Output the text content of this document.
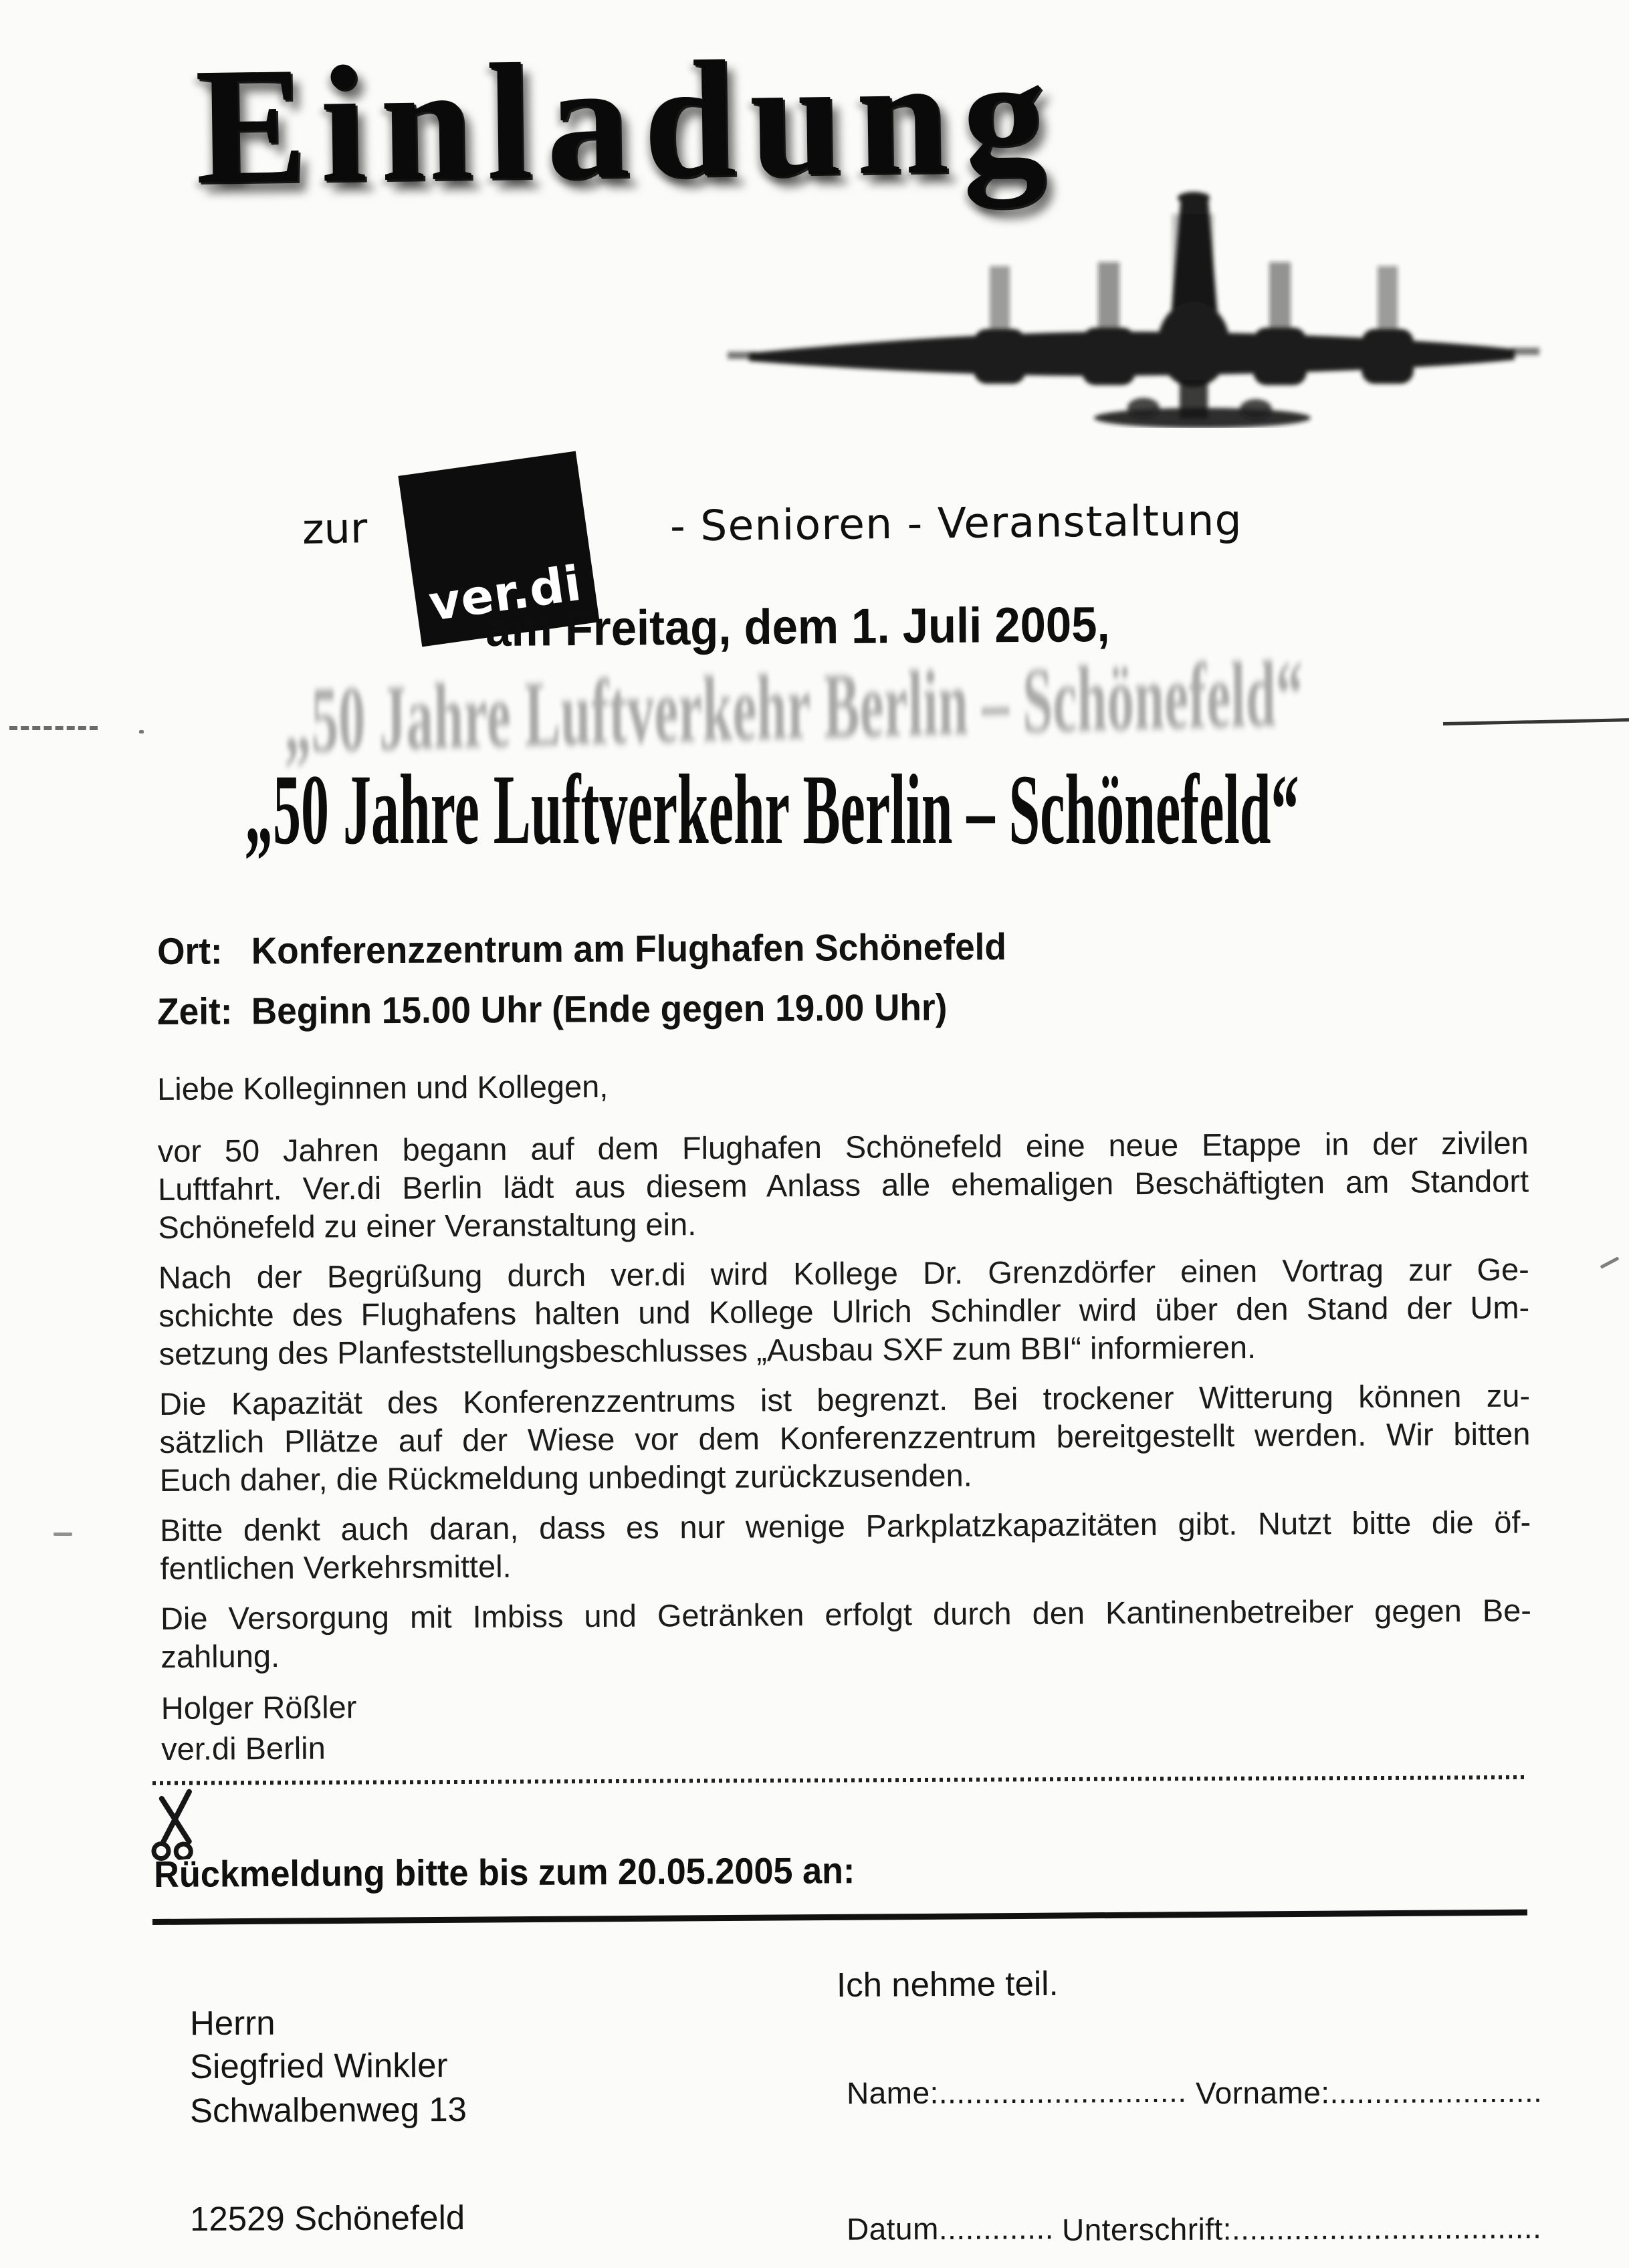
Einladung
zur
ver.di
- Senioren - Veranstaltung
am Freitag, dem 1. Juli 2005,
„50 Jahre Luftverkehr Berlin – Schönefeld“
„50 Jahre Luftverkehr Berlin – Schönefeld“
Ort: Konferenzzentrum am Flughafen Schönefeld
Zeit: Beginn 15.00 Uhr (Ende gegen 19.00 Uhr)
Liebe Kolleginnen und Kollegen,
vor 50 Jahren begann auf dem Flughafen Schönefeld eine neue Etappe in der zivilen
Luftfahrt. Ver.di Berlin lädt aus diesem Anlass alle ehemaligen Beschäftigten am Standort
Schönefeld zu einer Veranstaltung ein.
Nach der Begrüßung durch ver.di wird Kollege Dr. Grenzdörfer einen Vortrag zur Ge-
schichte des Flughafens halten und Kollege Ulrich Schindler wird über den Stand der Um-
setzung des Planfeststellungsbeschlusses „Ausbau SXF zum BBI“ informieren.
Die Kapazität des Konferenzzentrums ist begrenzt. Bei trockener Witterung können zu-
sätzlich Pllätze auf der Wiese vor dem Konferenzzentrum bereitgestellt werden. Wir bitten
Euch daher, die Rückmeldung unbedingt zurückzusenden.
Bitte denkt auch daran, dass es nur wenige Parkplatzkapazitäten gibt. Nutzt bitte die öf-
fentlichen Verkehrsmittel.
Die Versorgung mit Imbiss und Getränken erfolgt durch den Kantinenbetreiber gegen Be-
zahlung.
Holger Rößler
ver.di Berlin
Rückmeldung bitte bis zum 20.05.2005 an:
Ich nehme teil.
Herrn
Siegfried Winkler
Schwalbenweg 13
12529 Schönefeld
Name:............................ Vorname:........................
Datum............. Unterschrift:...................................
